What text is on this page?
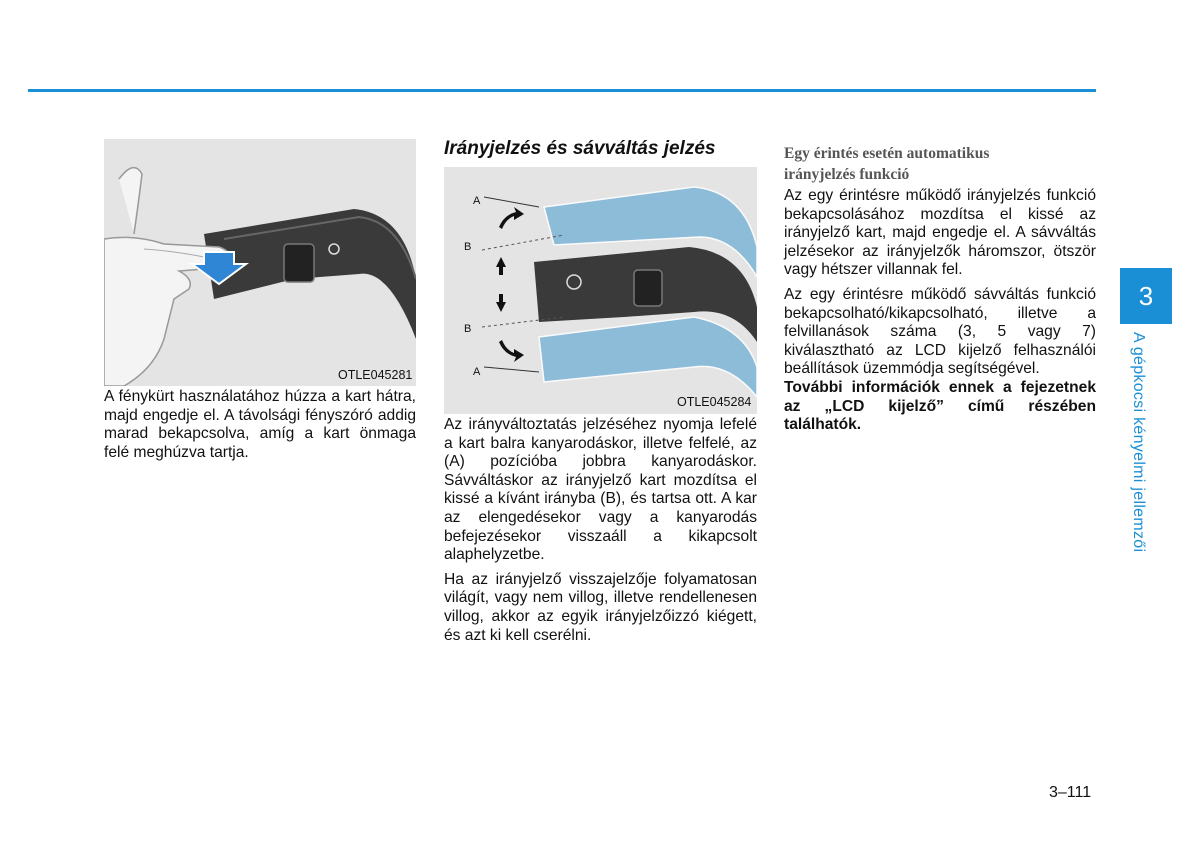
OTLE045281

A fénykürt használatához húzza a kart hátra, majd engedje el. A távolsági fényszóró addig marad bekapcsolva, amíg a kart önmaga felé meghúzva tartja.

Irányjelzés és sávváltás jelzés
A
B
B
A
OTLE045284

Az irányváltoztatás jelzéséhez nyomja lefelé a kart balra kanyarodáskor, illetve felfelé, az (A) pozícióba jobbra kanyarodáskor. Sávváltáskor az irányjelző kart mozdítsa el kissé a kívánt irányba (B), és tartsa ott. A kar az elengedésekor vagy a kanyarodás befejezésekor visszaáll a kikapcsolt alaphelyzetbe.

Ha az irányjelző visszajelzője folyamatosan világít, vagy nem villog, illetve rendellenesen villog, akkor az egyik irányjelzőizzó kiégett, és azt ki kell cserélni.

Egy érintés esetén automatikus
irányjelzés funkció

Az egy érintésre működő irányjelzés funkció bekapcsolásához mozdítsa el kissé az irányjelző kart, majd engedje el. A sávváltás jelzésekor az irányjelzők háromszor, ötször vagy hétszer villannak fel.

Az egy érintésre működő sávváltás funkció bekapcsolható/kikapcsolható, illetve a felvillanások száma (3, 5 vagy 7) kiválasztható az LCD kijelző felhasználói beállítások üzemmódja segítségével.

További információk ennek a fejezetnek az „LCD kijelző” című részében találhatók.

3
A gépkocsi kényelmi jellemzői
3–111
